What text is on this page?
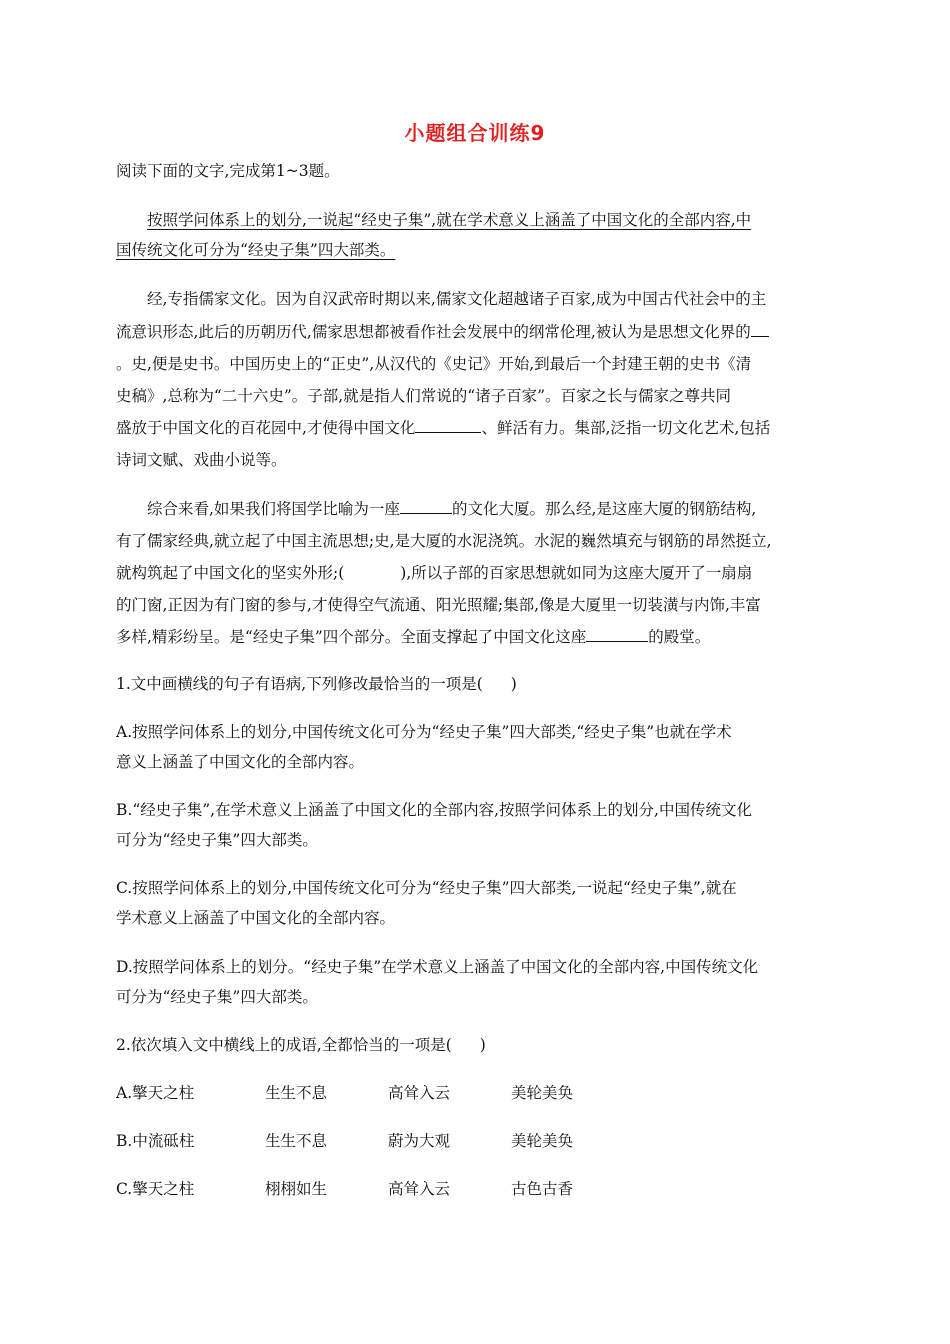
小题组合训练9
阅读下面的文字,完成第1~3题。
按照学问体系上的划分,一说起“经史子集”,就在学术意义上涵盖了中国文化的全部内容,中
国传统文化可分为“经史子集”四大部类。
经,专指儒家文化。因为自汉武帝时期以来,儒家文化超越诸子百家,成为中国古代社会中的主
流意识形态,此后的历朝历代,儒家思想都被看作社会发展中的纲常伦理,被认为是思想文化界的
。史,便是史书。中国历史上的“正史”,从汉代的《史记》开始,到最后一个封建王朝的史书《清
史稿》,总称为“二十六史”。子部,就是指人们常说的“诸子百家”。百家之长与儒家之尊共同
盛放于中国文化的百花园中,才使得中国文化	、鲜活有力。集部,泛指一切文化艺术,包括
诗词文赋、戏曲小说等。
综合来看,如果我们将国学比喻为一座	的文化大厦。那么经,是这座大厦的钢筋结构,
有了儒家经典,就立起了中国主流思想;史,是大厦的水泥浇筑。水泥的巍然填充与钢筋的昂然挺立,
就构筑起了中国文化的坚实外形;(	),所以子部的百家思想就如同为这座大厦开了一扇扇
的门窗,正因为有门窗的参与,才使得空气流通、阳光照耀;集部,像是大厦里一切装潢与内饰,丰富
多样,精彩纷呈。是“经史子集”四个部分。全面支撑起了中国文化这座	的殿堂。
1.文中画横线的句子有语病,下列修改最恰当的一项是( )
A.按照学问体系上的划分,中国传统文化可分为“经史子集”四大部类,“经史子集”也就在学术
意义上涵盖了中国文化的全部内容。
B.“经史子集”,在学术意义上涵盖了中国文化的全部内容,按照学问体系上的划分,中国传统文化
可分为“经史子集”四大部类。
C.按照学问体系上的划分,中国传统文化可分为“经史子集”四大部类,一说起“经史子集”,就在
学术意义上涵盖了中国文化的全部内容。
D.按照学问体系上的划分。“经史子集”在学术意义上涵盖了中国文化的全部内容,中国传统文化
可分为“经史子集”四大部类。
2.依次填入文中横线上的成语,全都恰当的一项是( )
A.擎天之柱	生生不息	高耸入云	美轮美奂
B.中流砥柱	生生不息	蔚为大观	美轮美奂
C.擎天之柱	栩栩如生	高耸入云	古色古香
